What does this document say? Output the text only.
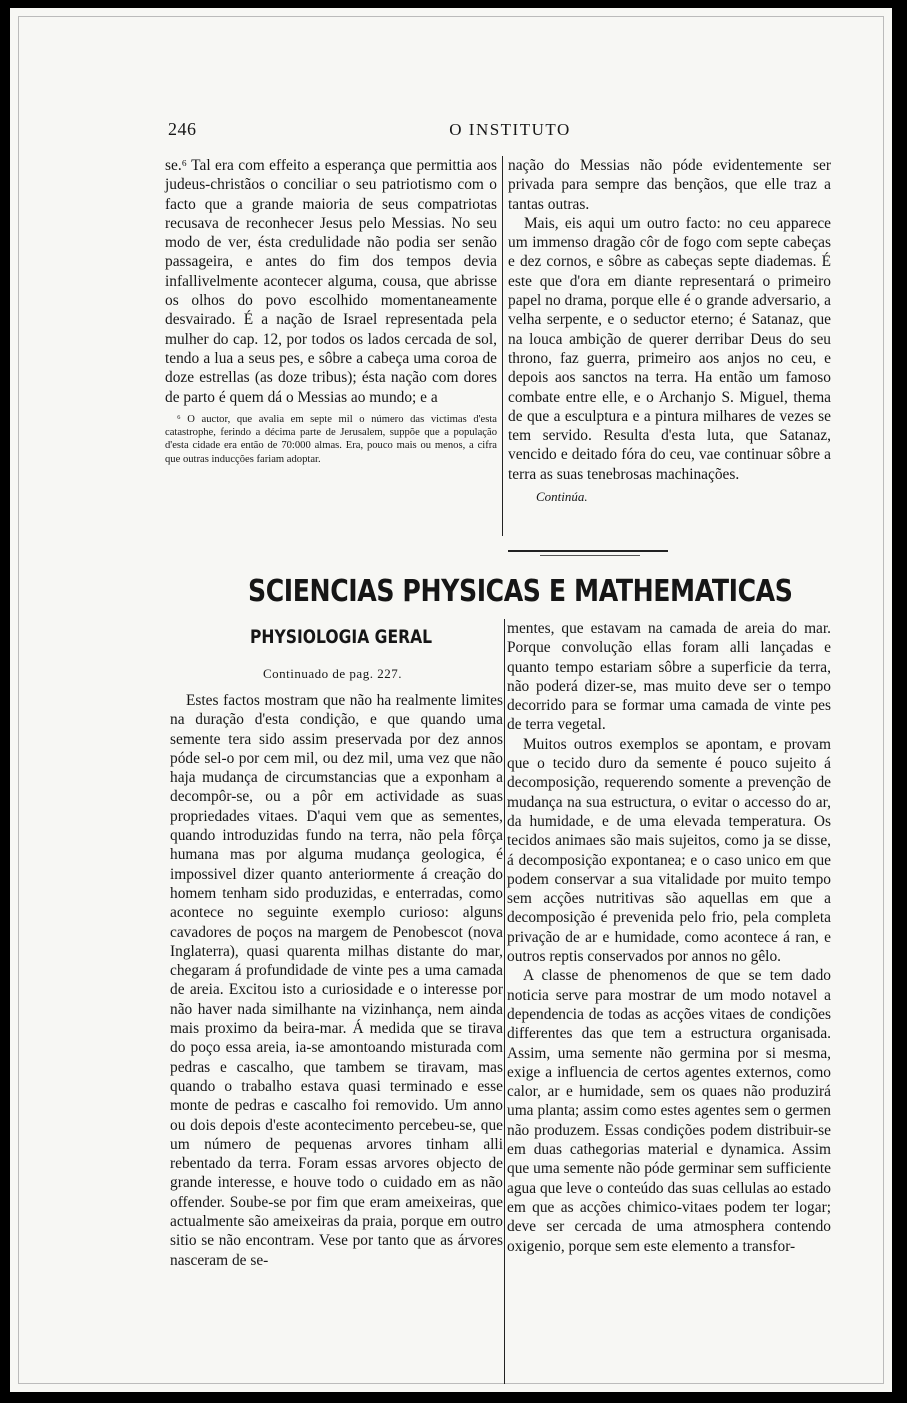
246	O INSTITUTO

se.⁶ Tal era com effeito a esperança que permittia aos judeus-christãos o conciliar o seu patriotismo com o facto que a grande maioria de seus compatriotas recusava de reconhecer Jesus pelo Messias. No seu modo de ver, ésta credulidade não podia ser senão passageira, e antes do fim dos tempos devia infallivelmente acontecer alguma, cousa, que abrisse os olhos do povo escolhido momentaneamente desvairado. É a nação de Israel representada pela mulher do cap. 12, por todos os lados cercada de sol, tendo a lua a seus pes, e sôbre a cabeça uma coroa de doze estrellas (as doze tribus); ésta nação com dores de parto é quem dá o Messias ao mundo; e a

⁶ O auctor, que avalia em septe mil o número das victimas d'esta catastrophe, ferindo a décima parte de Jerusalem, suppõe que a população d'esta cidade era então de 70:000 almas. Era, pouco mais ou menos, a cifra que outras inducções fariam adoptar.

nação do Messias não póde evidentemente ser privada para sempre das bençãos, que elle traz a tantas outras.

Mais, eis aqui um outro facto: no ceu apparece um immenso dragão côr de fogo com septe cabeças e dez cornos, e sôbre as cabeças septe diademas. É este que d'ora em diante representará o primeiro papel no drama, porque elle é o grande adversario, a velha serpente, e o seductor eterno; é Satanaz, que na louca ambição de querer derribar Deus do seu throno, faz guerra, primeiro aos anjos no ceu, e depois aos sanctos na terra. Ha então um famoso combate entre elle, e o Archanjo S. Miguel, thema de que a esculptura e a pintura milhares de vezes se tem servido. Resulta d'esta luta, que Satanaz, vencido e deitado fóra do ceu, vae continuar sôbre a terra as suas tenebrosas machinações.

Continúa.

SCIENCIAS PHYSICAS E MATHEMATICAS
PHYSIOLOGIA GERAL
Continuado de pag. 227.

Estes factos mostram que não ha realmente limites na duração d'esta condição, e que quando uma semente tera sido assim preservada por dez annos póde sel-o por cem mil, ou dez mil, uma vez que não haja mudança de circumstancias que a exponham a decompôr-se, ou a pôr em actividade as suas propriedades vitaes. D'aqui vem que as sementes, quando introduzidas fundo na terra, não pela fôrça humana mas por alguma mudança geologica, é impossivel dizer quanto anteriormente á creação do homem tenham sido produzidas, e enterradas, como acontece no seguinte exemplo curioso: alguns cavadores de poços na margem de Penobescot (nova Inglaterra), quasi quarenta milhas distante do mar, chegaram á profundidade de vinte pes a uma camada de areia. Excitou isto a curiosidade e o interesse por não haver nada similhante na vizinhança, nem ainda mais proximo da beira-mar. Á medida que se tirava do poço essa areia, ia-se amontoando misturada com pedras e cascalho, que tambem se tiravam, mas quando o trabalho estava quasi terminado e esse monte de pedras e cascalho foi removido. Um anno ou dois depois d'este acontecimento percebeu-se, que um número de pequenas arvores tinham alli rebentado da terra. Foram essas arvores objecto de grande interesse, e houve todo o cuidado em as não offender. Soube-se por fim que eram ameixeiras, que actualmente são ameixeiras da praia, porque em outro sitio se não encontram. Vese por tanto que as árvores nasceram de se-

mentes, que estavam na camada de areia do mar. Porque convolução ellas foram alli lançadas e quanto tempo estariam sôbre a superficie da terra, não poderá dizer-se, mas muito deve ser o tempo decorrido para se formar uma camada de vinte pes de terra vegetal.

Muitos outros exemplos se apontam, e provam que o tecido duro da semente é pouco sujeito á decomposição, requerendo somente a prevenção de mudança na sua estructura, o evitar o accesso do ar, da humidade, e de uma elevada temperatura. Os tecidos animaes são mais sujeitos, como ja se disse, á decomposição expontanea; e o caso unico em que podem conservar a sua vitalidade por muito tempo sem acções nutritivas são aquellas em que a decomposição é prevenida pelo frio, pela completa privação de ar e humidade, como acontece á ran, e outros reptis conservados por annos no gêlo.

A classe de phenomenos de que se tem dado noticia serve para mostrar de um modo notavel a dependencia de todas as acções vitaes de condições differentes das que tem a estructura organisada. Assim, uma semente não germina por si mesma, exige a influencia de certos agentes externos, como calor, ar e humidade, sem os quaes não produzirá uma planta; assim como estes agentes sem o germen não produzem. Essas condições podem distribuir-se em duas cathegorias material e dynamica. Assim que uma semente não póde germinar sem sufficiente agua que leve o conteúdo das suas cellulas ao estado em que as acções chimico-vitaes podem ter logar; deve ser cercada de uma atmosphera contendo oxigenio, porque sem este elemento a transfor-
